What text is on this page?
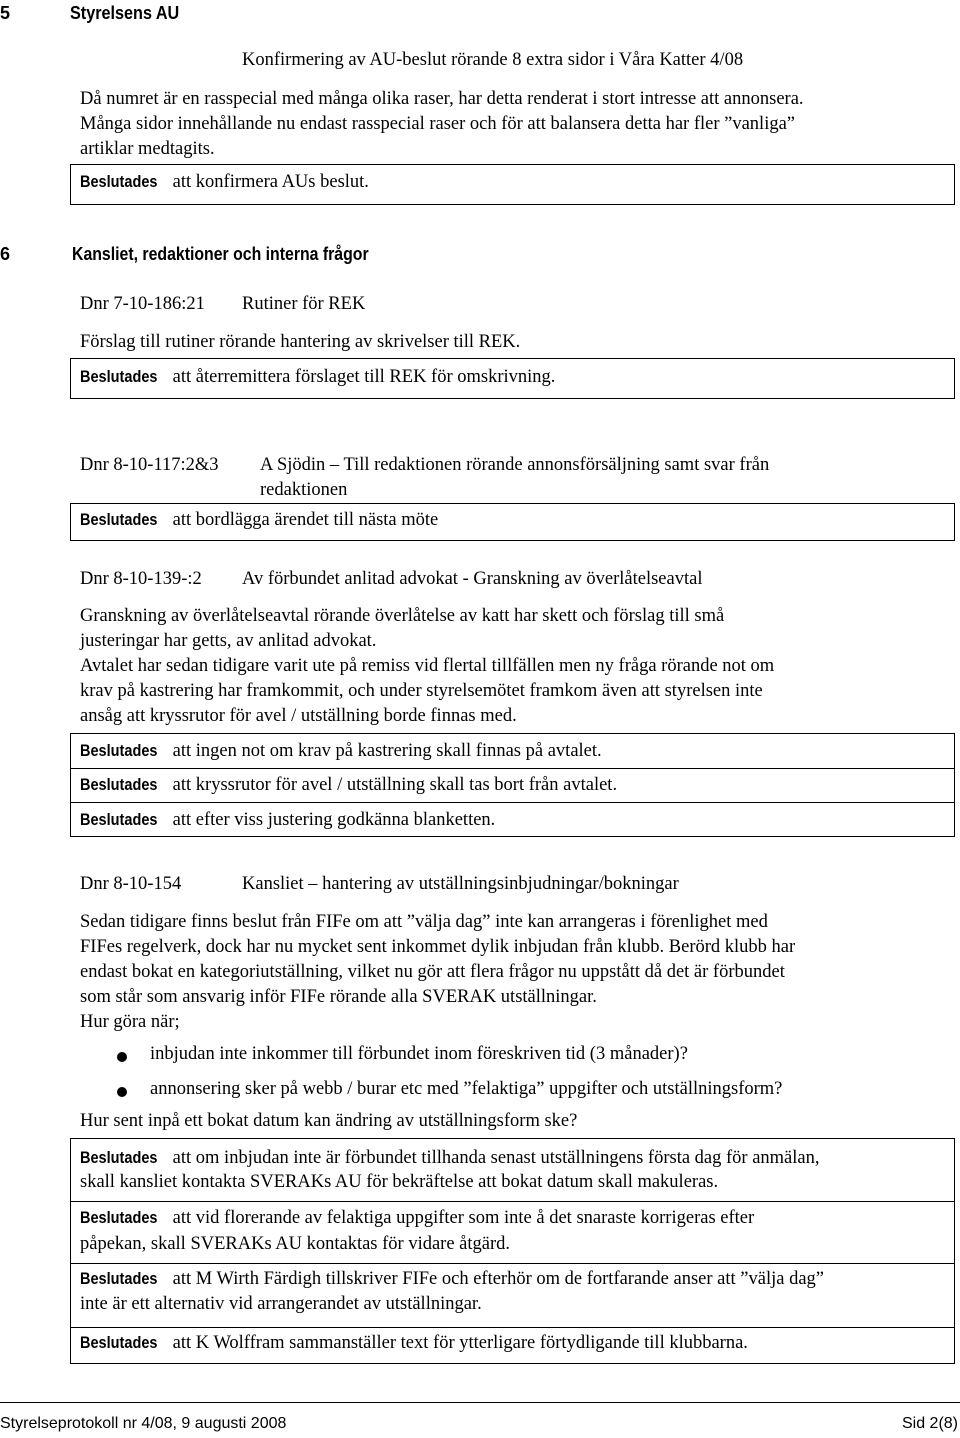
5	Styrelsens AU
Konfirmering av AU-beslut rörande 8 extra sidor i Våra Katter 4/08
Då numret är en rasspecial med många olika raser, har detta renderat i stort intresse att annonsera.
Många sidor innehållande nu endast rasspecial raser och för att balansera detta har fler ”vanliga”
artiklar medtagits.
Beslutades att konfirmera AUs beslut.
6	Kansliet, redaktioner och interna frågor
Dnr 7-10-186:21 Rutiner för REK
Förslag till rutiner rörande hantering av skrivelser till REK.
Beslutades att återremittera förslaget till REK för omskrivning.
Dnr 8-10-117:2&3 A Sjödin – Till redaktionen rörande annonsförsäljning samt svar från
redaktionen
Beslutades att bordlägga ärendet till nästa möte
Dnr 8-10-139-:2 Av förbundet anlitad advokat - Granskning av överlåtelseavtal
Granskning av överlåtelseavtal rörande överlåtelse av katt har skett och förslag till små
justeringar har getts, av anlitad advokat.
Avtalet har sedan tidigare varit ute på remiss vid flertal tillfällen men ny fråga rörande not om
krav på kastrering har framkommit, och under styrelsemötet framkom även att styrelsen inte
ansåg att kryssrutor för avel / utställning borde finnas med.
Beslutades att ingen not om krav på kastrering skall finnas på avtalet.
Beslutades att kryssrutor för avel / utställning skall tas bort från avtalet.
Beslutades att efter viss justering godkänna blanketten.
Dnr 8-10-154	Kansliet – hantering av utställningsinbjudningar/bokningar
Sedan tidigare finns beslut från FIFe om att ”välja dag” inte kan arrangeras i förenlighet med
FIFes regelverk, dock har nu mycket sent inkommet dylik inbjudan från klubb. Berörd klubb har
endast bokat en kategoriutställning, vilket nu gör att flera frågor nu uppstått då det är förbundet
som står som ansvarig inför FIFe rörande alla SVERAK utställningar.
Hur göra när;
inbjudan inte inkommer till förbundet inom föreskriven tid (3 månader)?
annonsering sker på webb / burar etc med ”felaktiga” uppgifter och utställningsform?
Hur sent inpå ett bokat datum kan ändring av utställningsform ske?
Beslutades att om inbjudan inte är förbundet tillhanda senast utställningens första dag för anmälan,
skall kansliet kontakta SVERAKs AU för bekräftelse att bokat datum skall makuleras.
Beslutades att vid florerande av felaktiga uppgifter som inte å det snaraste korrigeras efter
påpekan, skall SVERAKs AU kontaktas för vidare åtgärd.
Beslutades att M Wirth Färdigh tillskriver FIFe och efterhör om de fortfarande anser att ”välja dag”
inte är ett alternativ vid arrangerandet av utställningar.
Beslutades att K Wolffram sammanställer text för ytterligare förtydligande till klubbarna.
Styrelseprotokoll nr 4/08, 9 augusti 2008	Sid 2(8)
